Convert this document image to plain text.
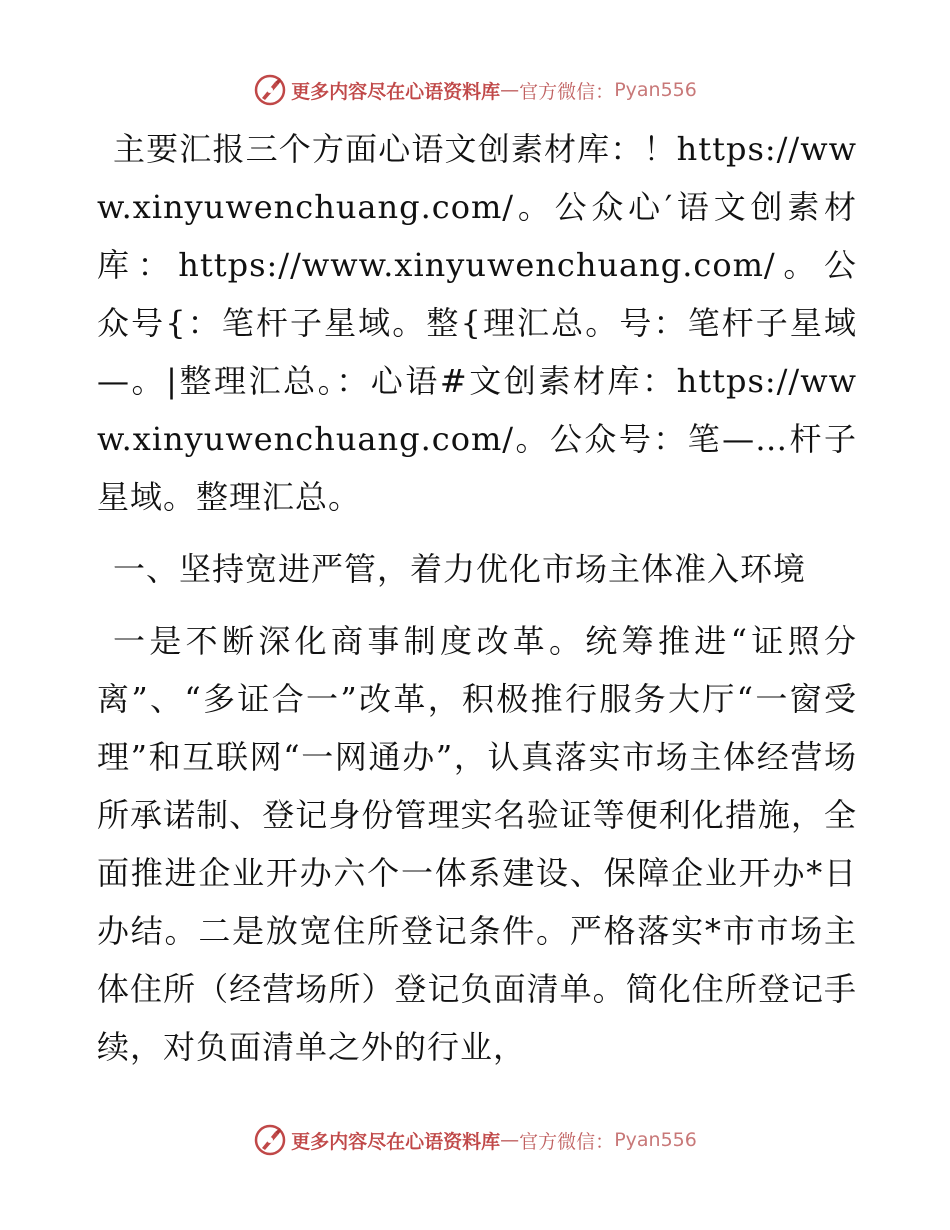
更多内容尽在心语资料库 — 官方微信： Pyan556

主要汇报三个方面心语文创素材库：！https://www.xinyuwenchuang.com/。公众心′语文创素材库：https://www.xinyuwenchuang.com/。公众号{：笔杆子星域。整{理汇总。号：笔杆子星域—。|整理汇总。：心语#文创素材库：https://www.xinyuwenchuang.com/。公众号：笔—…杆子星域。整理汇总。

一、坚持宽进严管，着力优化市场主体准入环境

一是不断深化商事制度改革。统筹推进“证照分离”、“多证合一”改革，积极推行服务大厅“一窗受理”和互联网“一网通办”，认真落实市场主体经营场所承诺制、登记身份管理实名验证等便利化措施，全面推进企业开办六个一体系建设、保障企业开办*日办结。二是放宽住所登记条件。严格落实*市市场主体住所（经营场所）登记负面清单。简化住所登记手续，对负面清单之外的行业，

更多内容尽在心语资料库 — 官方微信： Pyan556
